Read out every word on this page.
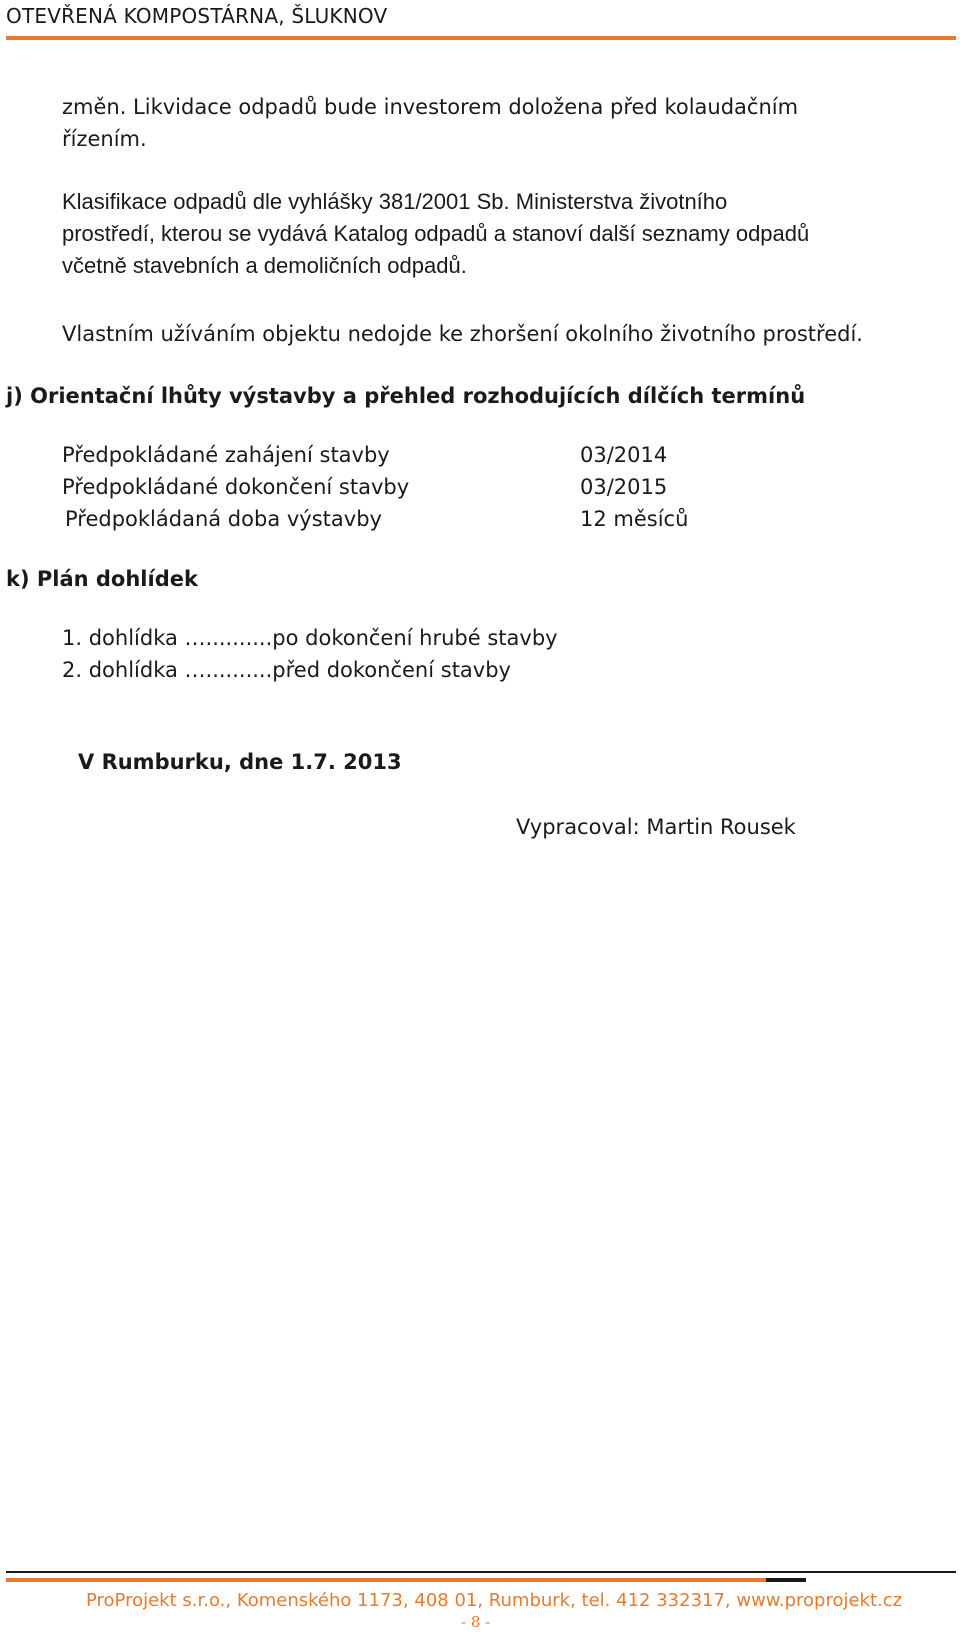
OTEVŘENÁ KOMPOSTÁRNA, ŠLUKNOV
změn. Likvidace odpadů bude investorem doložena před kolaudačním
řízením.
Klasifikace odpadů dle vyhlášky 381/2001 Sb. Ministerstva životního
prostředí, kterou se vydává Katalog odpadů a stanoví další seznamy odpadů
včetně stavebních a demoličních odpadů.
Vlastním užíváním objektu nedojde ke zhoršení okolního životního prostředí.
j) Orientační lhůty výstavby a přehled rozhodujících dílčích termínů
Předpokládané zahájení stavby	03/2014
Předpokládané dokončení stavby	03/2015
Předpokládaná doba výstavby	12 měsíců
k) Plán dohlídek
1. dohlídka …..........po dokončení hrubé stavby
2. dohlídka …..........před dokončení stavby
V Rumburku, dne 1.7. 2013
Vypracoval: Martin Rousek
ProProjekt s.r.o., Komenského 1173, 408 01, Rumburk, tel. 412 332317, www.proprojekt.cz
- 8 -
